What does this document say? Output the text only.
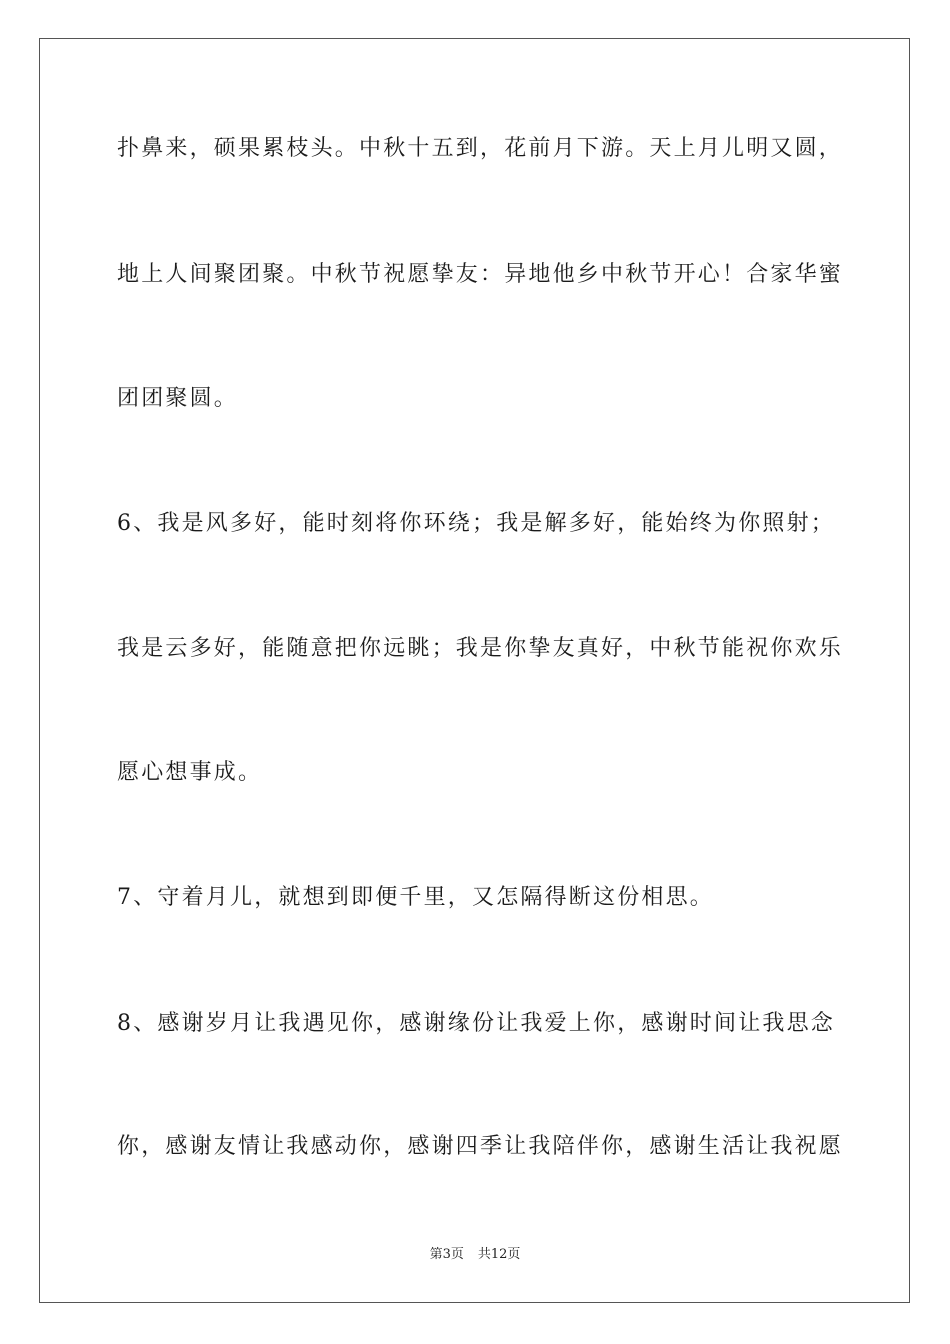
扑鼻来，硕果累枝头。中秋十五到，花前月下游。天上月儿明又圆，
地上人间聚团聚。中秋节祝愿挚友：异地他乡中秋节开心！合家华蜜
团团聚圆。
6、我是风多好，能时刻将你环绕；我是解多好，能始终为你照射；
我是云多好，能随意把你远眺；我是你挚友真好，中秋节能祝你欢乐
愿心想事成。
7、守着月儿，就想到即便千里，又怎隔得断这份相思。
8、感谢岁月让我遇见你，感谢缘份让我爱上你，感谢时间让我思念
你，感谢友情让我感动你，感谢四季让我陪伴你，感谢生活让我祝愿
第3页 共12页
